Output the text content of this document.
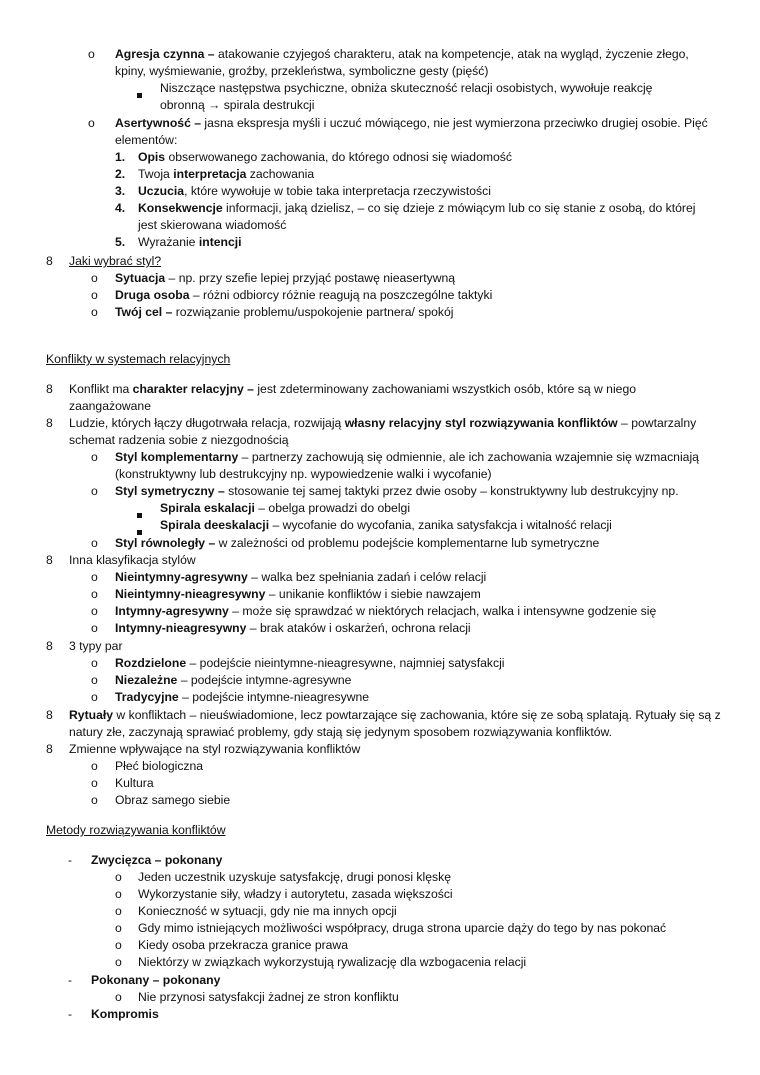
o Agresja czynna – atakowanie czyjegoś charakteru, atak na kompetencje, atak na wygląd, życzenie złego, kpiny, wyśmiewanie, groźby, przekleństwa, symboliczne gesty (pięść)
Niszczące następstwa psychiczne, obniża skuteczność relacji osobistych, wywołuje reakcję obronną → spirala destrukcji
o Asertywność – jasna ekspresja myśli i uczuć mówiącego, nie jest wymierzona przeciwko drugiej osobie. Pięć elementów:
1. Opis obserwowanego zachowania, do którego odnosi się wiadomość
2. Twoja interpretacja zachowania
3. Uczucia, które wywołuje w tobie taka interpretacja rzeczywistości
4. Konsekwencje informacji, jaką dzielisz, – co się dzieje z mówiącym lub co się stanie z osobą, do której jest skierowana wiadomość
5. Wyrażanie intencji
8 Jaki wybrać styl?
o Sytuacja – np. przy szefie lepiej przyjąć postawę nieasertywną
o Druga osoba – różni odbiorcy różnie reagują na poszczególne taktyki
o Twój cel – rozwiązanie problemu/uspokojenie partnera/ spokój
Konflikty w systemach relacyjnych
8 Konflikt ma charakter relacyjny – jest zdeterminowany zachowaniami wszystkich osób, które są w niego zaangażowane
8 Ludzie, których łączy długotrwała relacja, rozwijają własny relacyjny styl rozwiązywania konfliktów – powtarzalny schemat radzenia sobie z niezgodnością
o Styl komplementarny – partnerzy zachowują się odmiennie, ale ich zachowania wzajemnie się wzmacniają (konstruktywny lub destrukcyjny np. wypowiedzenie walki i wycofanie)
o Styl symetryczny – stosowanie tej samej taktyki przez dwie osoby – konstruktywny lub destrukcyjny np.
Spirala eskalacji – obelga prowadzi do obelgi
Spirala deeskalacji – wycofanie do wycofania, zanika satysfakcja i witalność relacji
o Styl równoległy – w zależności od problemu podejście komplementarne lub symetryczne
8 Inna klasyfikacja stylów
o Nieintymny-agresywny – walka bez spełniania zadań i celów relacji
o Nieintymny-nieagresywny – unikanie konfliktów i siebie nawzajem
o Intymny-agresywny – może się sprawdzać w niektórych relacjach, walka i intensywne godzenie się
o Intymny-nieagresywny – brak ataków i oskarżeń, ochrona relacji
8 3 typy par
o Rozdzielone – podejście nieintymne-nieagresywne, najmniej satysfakcji
o Niezależne – podejście intymne-agresywne
o Tradycyjne – podejście intymne-nieagresywne
8 Rytuały w konfliktach – nieuświadomione, lecz powtarzające się zachowania, które się ze sobą splatają. Rytuały się są z natury złe, zaczynają sprawiać problemy, gdy stają się jedynym sposobem rozwiązywania konfliktów.
8 Zmienne wpływające na styl rozwiązywania konfliktów
o Płeć biologiczna
o Kultura
o Obraz samego siebie
Metody rozwiązywania konfliktów
- Zwycięzca – pokonany
o Jeden uczestnik uzyskuje satysfakcję, drugi ponosi klęskę
o Wykorzystanie siły, władzy i autorytetu, zasada większości
o Konieczność w sytuacji, gdy nie ma innych opcji
o Gdy mimo istniejących możliwości współpracy, druga strona uparcie dąży do tego by nas pokonać
o Kiedy osoba przekracza granice prawa
o Niektórzy w związkach wykorzystują rywalizację dla wzbogacenia relacji
- Pokonany – pokonany
o Nie przynosi satysfakcji żadnej ze stron konfliktu
- Kompromis
